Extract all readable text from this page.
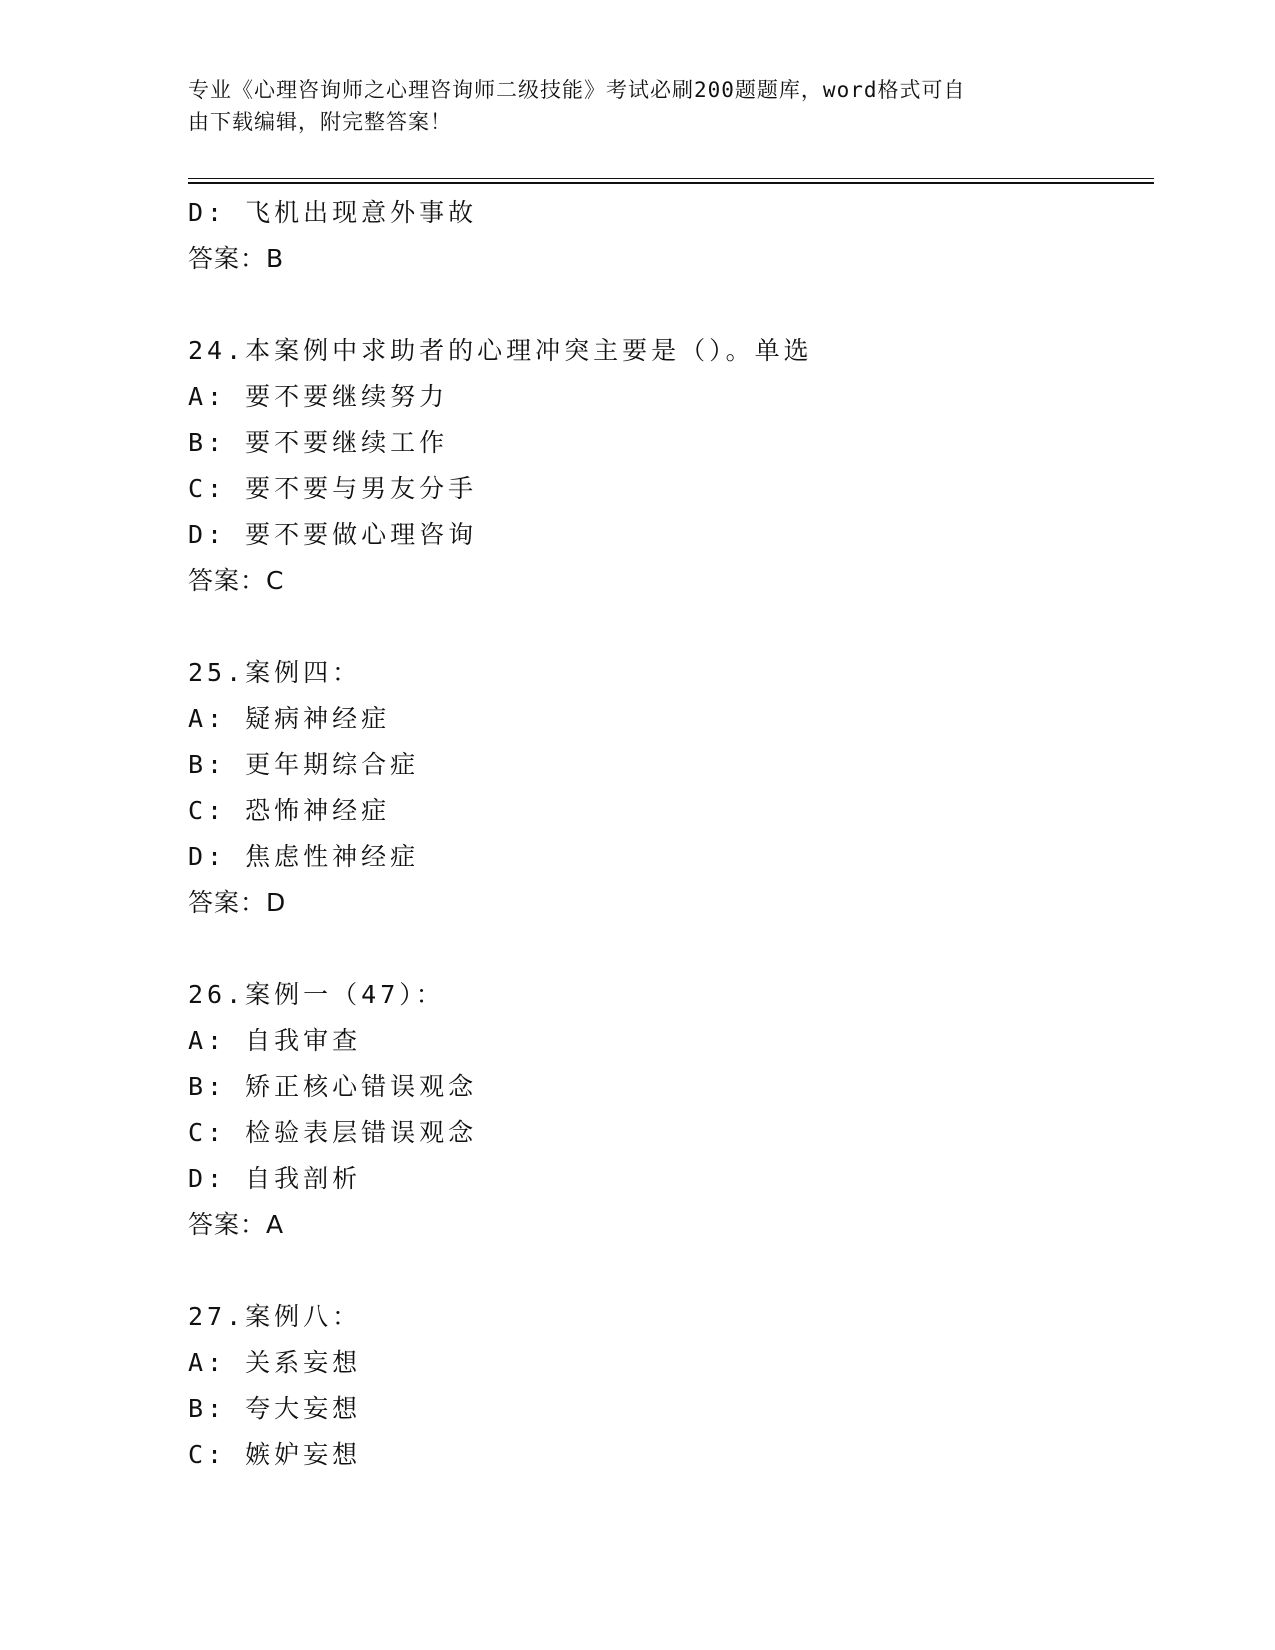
专业《心理咨询师之心理咨询师二级技能》考试必刷200题题库，word格式可自
由下载编辑，附完整答案！
D: 飞机出现意外事故
答案：B
24.本案例中求助者的心理冲突主要是（）。单选
A: 要不要继续努力
B: 要不要继续工作
C: 要不要与男友分手
D: 要不要做心理咨询
答案：C
25.案例四：
A: 疑病神经症
B: 更年期综合症
C: 恐怖神经症
D: 焦虑性神经症
答案：D
26.案例一（47）：
A: 自我审查
B: 矫正核心错误观念
C: 检验表层错误观念
D: 自我剖析
答案：A
27.案例八：
A: 关系妄想
B: 夸大妄想
C: 嫉妒妄想
